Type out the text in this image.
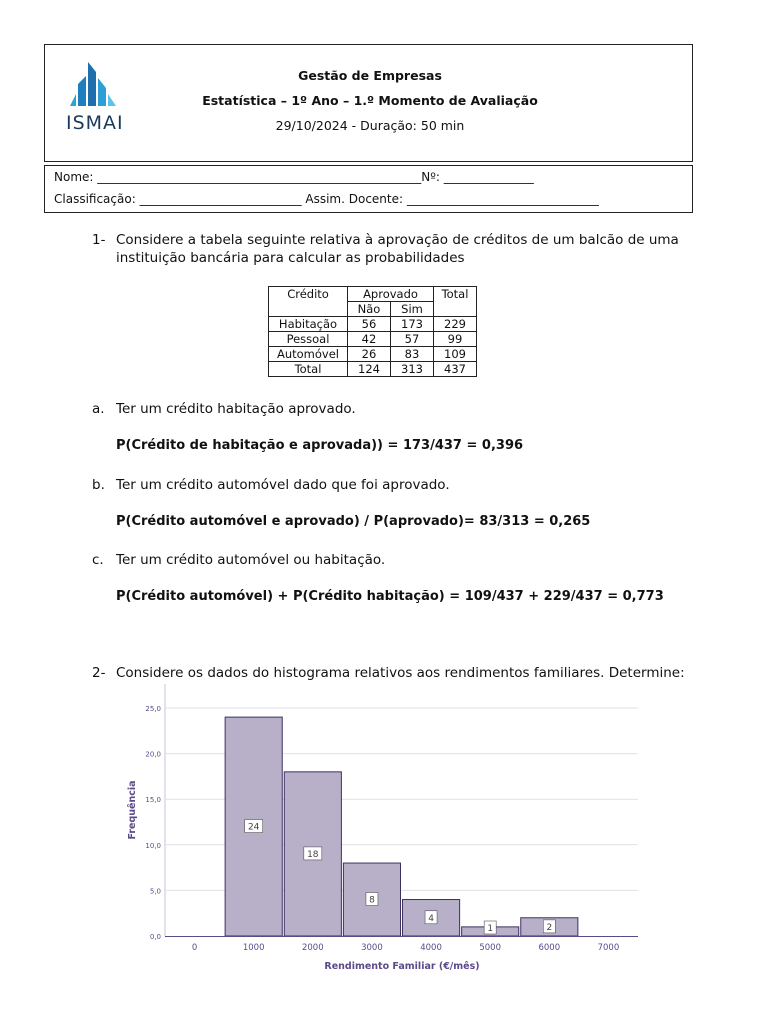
ISMAI
Gestão de Empresas
Estatística – 1º Ano – 1.º Momento de Avaliação
29/10/2024 - Duração: 50 min
Nome: ______________________________________________________Nº: _______________
Classificação: ___________________________ Assim. Docente: ________________________________
1- Considere a tabela seguinte relativa à aprovação de créditos de um balcão de uma instituição bancária para calcular as probabilidades
Crédito	Aprovado		Total
	Não	Sim	
Habitação	56	173	229
Pessoal	42	57	99
Automóvel	26	83	109
Total	124	313	437
a. Ter um crédito habitação aprovado.
P(Crédito de habitação e aprovada)) = 173/437 = 0,396
b. Ter um crédito automóvel dado que foi aprovado.
P(Crédito automóvel e aprovado) / P(aprovado)= 83/313 = 0,265
c. Ter um crédito automóvel ou habitação.
P(Crédito automóvel) + P(Crédito habitação) = 109/437 + 229/437 = 0,773
2- Considere os dados do histograma relativos aos rendimentos familiares. Determine:
0,0
5,0
10,0
15,0
20,0
25,0
24
18
8
4
1	2
0	1000	2000	3000	4000	5000	6000	7000
Frequência
Rendimento Familiar (€/mês)
